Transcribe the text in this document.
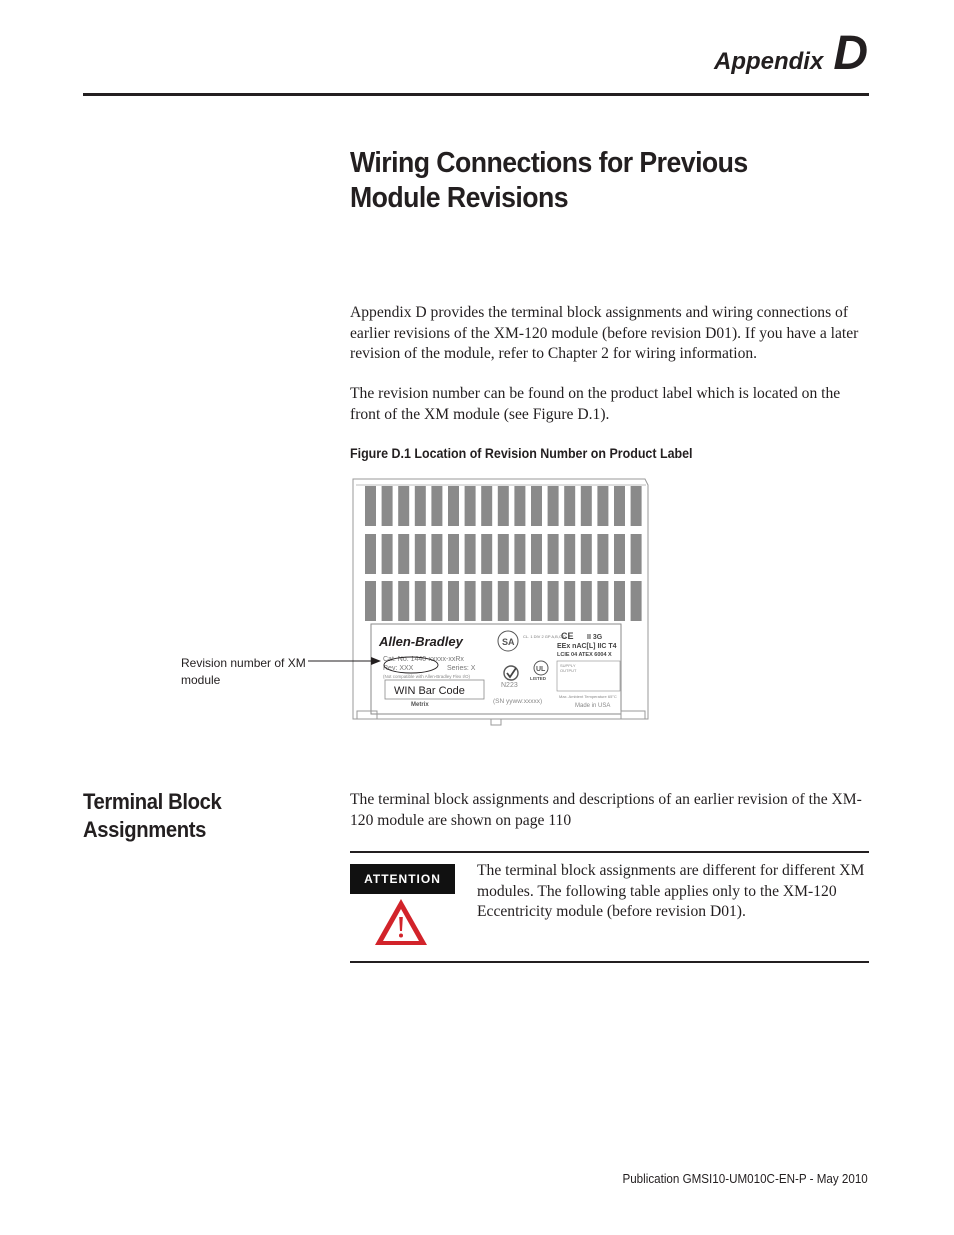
Appendix D
Wiring Connections for Previous Module Revisions

Appendix D provides the terminal block assignments and wiring connections of earlier revisions of the XM-120 module (before revision D01). If you have a later revision of the module, refer to Chapter 2 for wiring information.

The revision number can be found on the product label which is located on the front of the XM module (see Figure D.1).

Figure D.1 Location of Revision Number on Product Label

Allen-Bradley
Cat. No. 1440-xxxxx-xxRx
Rev: XXX	Series: X
(Not compatible with Allen-Bradley Flex I/O)
WIN Bar Code
Metrix	(SN yyww:xxxxx)
Made in USA
SA
CL. 1 DIV 2 GP A,B,C,D
CE II 3G
EEx nAC[L] IIC T4
LCIE 04 ATEX 6004 X
SUPPLY
OUTPUT
Max. Ambient Temperature 65°C
N223
UL
LISTED

Revision number of XM module

Terminal Block Assignments

The terminal block assignments and descriptions of an earlier revision of the XM-120 module are shown on page 110

ATTENTION	The terminal block assignments are different for different XM modules. The following table applies only to the XM-120 Eccentricity module (before revision D01).

Publication GMSI10-UM010C-EN-P - May 2010
